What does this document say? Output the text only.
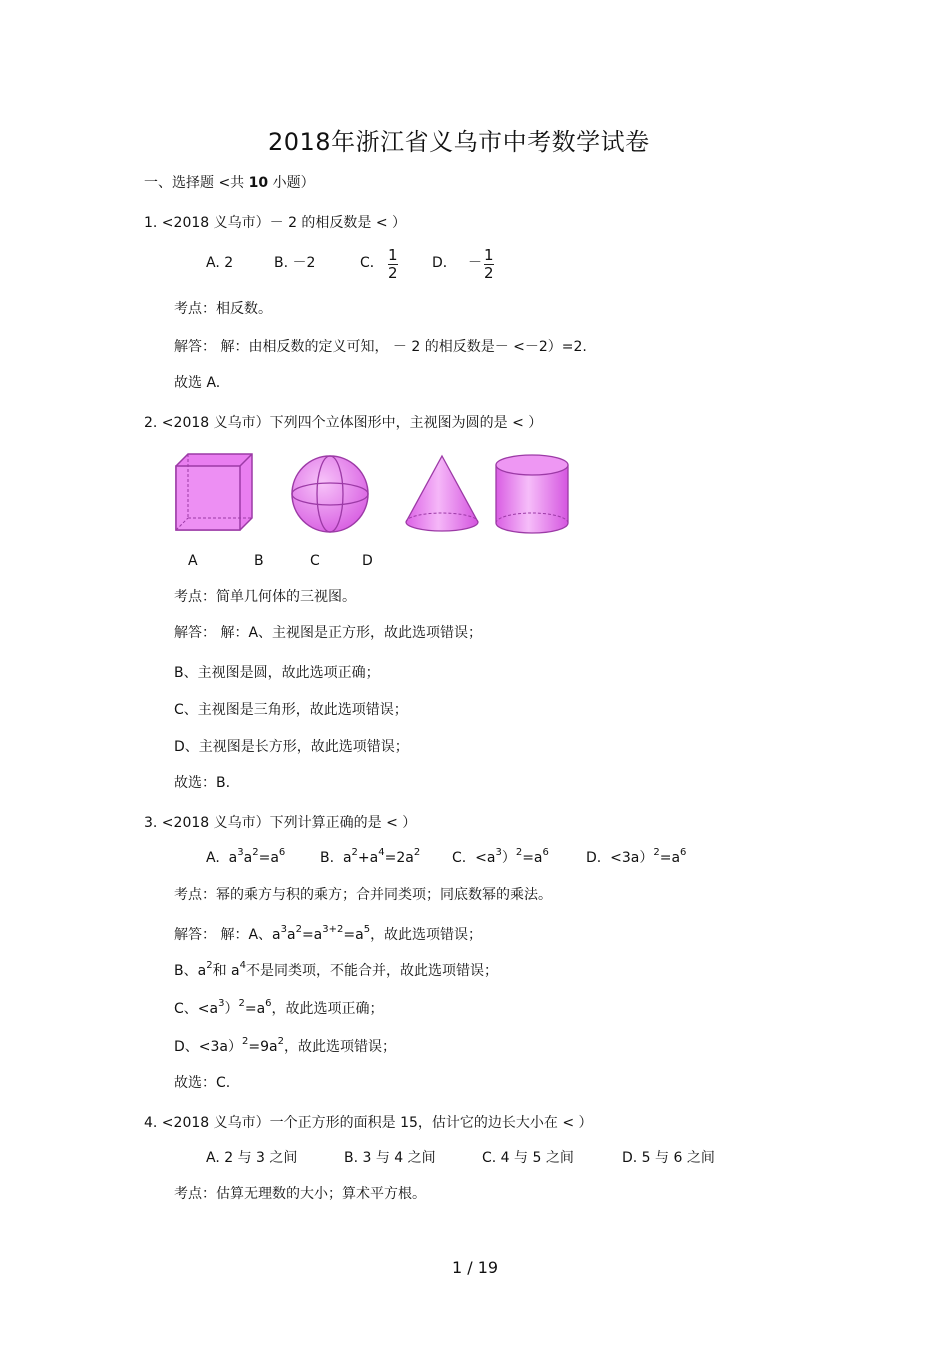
2018年浙江省义乌市中考数学试卷
一、选择题 <共 10 小题）
1. <2018 义乌市）－ 2 的相反数是 < ）
A. 2	B. －2	C． $\frac{1}{2}$ D． － $\frac{1}{2}$
考点：相反数。
解答： 解：由相反数的定义可知， － 2 的相反数是－ <－2）=2.
故选 A.
2. <2018 义乌市）下列四个立体图形中，主视图为圆的是 < ）
A	B	C	D
考点：简单几何体的三视图。
解答： 解：A、主视图是正方形，故此选项错误；
B、主视图是圆，故此选项正确；
C、主视图是三角形，故此选项错误；
D、主视图是长方形，故此选项错误；
故选：B.
3. <2018 义乌市）下列计算正确的是 < ）
A.  $a^3a^2=a^6$ B.  $a^2+a^4=2a^2$ C.  $<a^3)^2=a^6$	D.  $<3a)^2=a^6$
考点：幂的乘方与积的乘方；合并同类项；同底数幂的乘法。
解答： 解：A、$a^3a^2=a^{3+2}=a^5$，故此选项错误；
B、$a^2$和 $a^4$不是同类项，不能合并，故此选项错误；
C、$<a^3)^2=a^6$，故此选项正确；
D、$<3a)^2=9a^2$，故此选项错误；
故选：C.
4. <2018 义乌市）一个正方形的面积是 15，估计它的边长大小在 < ）
A. 2 与 3 之间	B. 3 与 4 之间	C. 4 与 5 之间	D. 5 与 6 之间
考点：估算无理数的大小；算术平方根。
1 / 19
